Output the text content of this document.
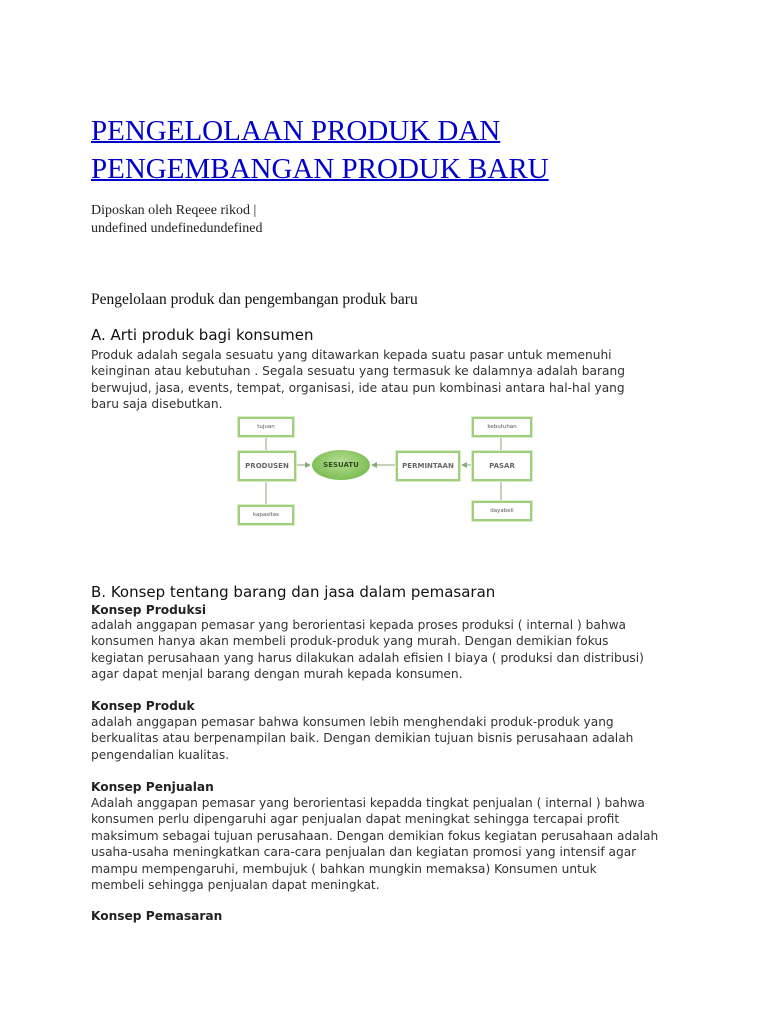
PENGELOLAAN PRODUK DAN
PENGEMBANGAN PRODUK BARU
Diposkan oleh Reqeee rikod |
undefined undefinedundefined
Pengelolaan produk dan pengembangan produk baru
A. Arti produk bagi konsumen
Produk adalah segala sesuatu yang ditawarkan kepada suatu pasar untuk memenuhi
keinginan atau kebutuhan . Segala sesuatu yang termasuk ke dalamnya adalah barang
berwujud, jasa, events, tempat, organisasi, ide atau pun kombinasi antara hal-hal yang
baru saja disebutkan.
tujuan
PRODUSEN
kapasitas
SESUATU	PERMINTAAN
kebutuhan
PASAR
dayabeli
B. Konsep tentang barang dan jasa dalam pemasaran
Konsep Produksi
adalah anggapan pemasar yang berorientasi kepada proses produksi ( internal ) bahwa
konsumen hanya akan membeli produk-produk yang murah. Dengan demikian fokus
kegiatan perusahaan yang harus dilakukan adalah efisien I biaya ( produksi dan distribusi)
agar dapat menjal barang dengan murah kepada konsumen.
Konsep Produk
adalah anggapan pemasar bahwa konsumen lebih menghendaki produk-produk yang
berkualitas atau berpenampilan baik. Dengan demikian tujuan bisnis perusahaan adalah
pengendalian kualitas.
Konsep Penjualan
Adalah anggapan pemasar yang berorientasi kepadda tingkat penjualan ( internal ) bahwa
konsumen perlu dipengaruhi agar penjualan dapat meningkat sehingga tercapai profit
maksimum sebagai tujuan perusahaan. Dengan demikian fokus kegiatan perusahaan adalah
usaha-usaha meningkatkan cara-cara penjualan dan kegiatan promosi yang intensif agar
mampu mempengaruhi, membujuk ( bahkan mungkin memaksa) Konsumen untuk
membeli sehingga penjualan dapat meningkat.
Konsep Pemasaran
